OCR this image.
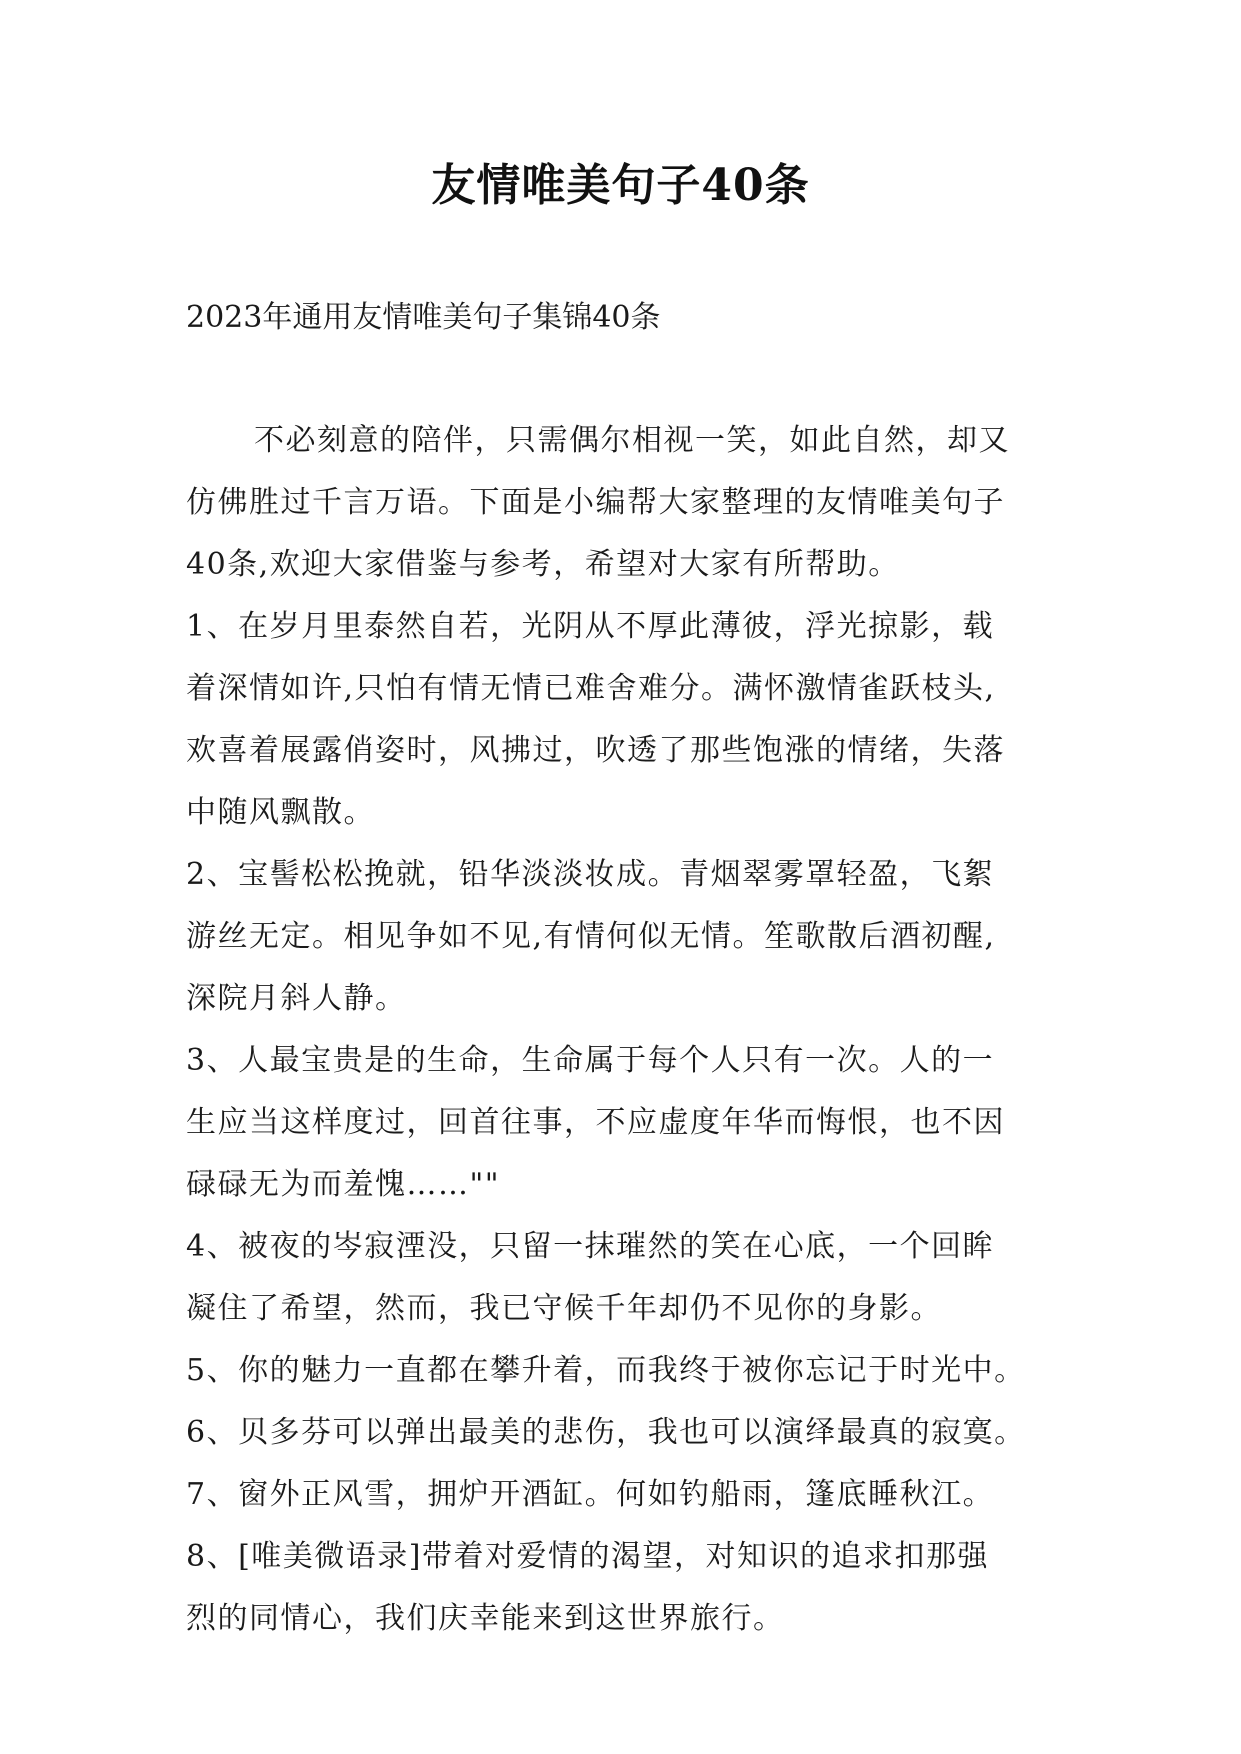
友情唯美句子40条
2023年通用友情唯美句子集锦40条
不必刻意的陪伴，只需偶尔相视一笑，如此自然，却又
仿佛胜过千言万语。下面是小编帮大家整理的友情唯美句子
40条,欢迎大家借鉴与参考，希望对大家有所帮助。
1、在岁月里泰然自若，光阴从不厚此薄彼，浮光掠影，载
着深情如许,只怕有情无情已难舍难分。满怀激情雀跃枝头,
欢喜着展露俏姿时，风拂过，吹透了那些饱涨的情绪，失落
中随风飘散。
2、宝髻松松挽就，铅华淡淡妆成。青烟翠雾罩轻盈，飞絮
游丝无定。相见争如不见,有情何似无情。笙歌散后酒初醒,
深院月斜人静。
3、人最宝贵是的生命，生命属于每个人只有一次。人的一
生应当这样度过，回首往事，不应虚度年华而悔恨，也不因
碌碌无为而羞愧……""
4、被夜的岑寂湮没，只留一抹璀然的笑在心底，一个回眸
凝住了希望，然而，我已守候千年却仍不见你的身影。
5、你的魅力一直都在攀升着，而我终于被你忘记于时光中。
6、贝多芬可以弹出最美的悲伤，我也可以演绎最真的寂寞。
7、窗外正风雪，拥炉开酒缸。何如钓船雨，篷底睡秋江。
8、[唯美微语录]带着对爱情的渴望，对知识的追求扣那强
烈的同情心，我们庆幸能来到这世界旅行。
